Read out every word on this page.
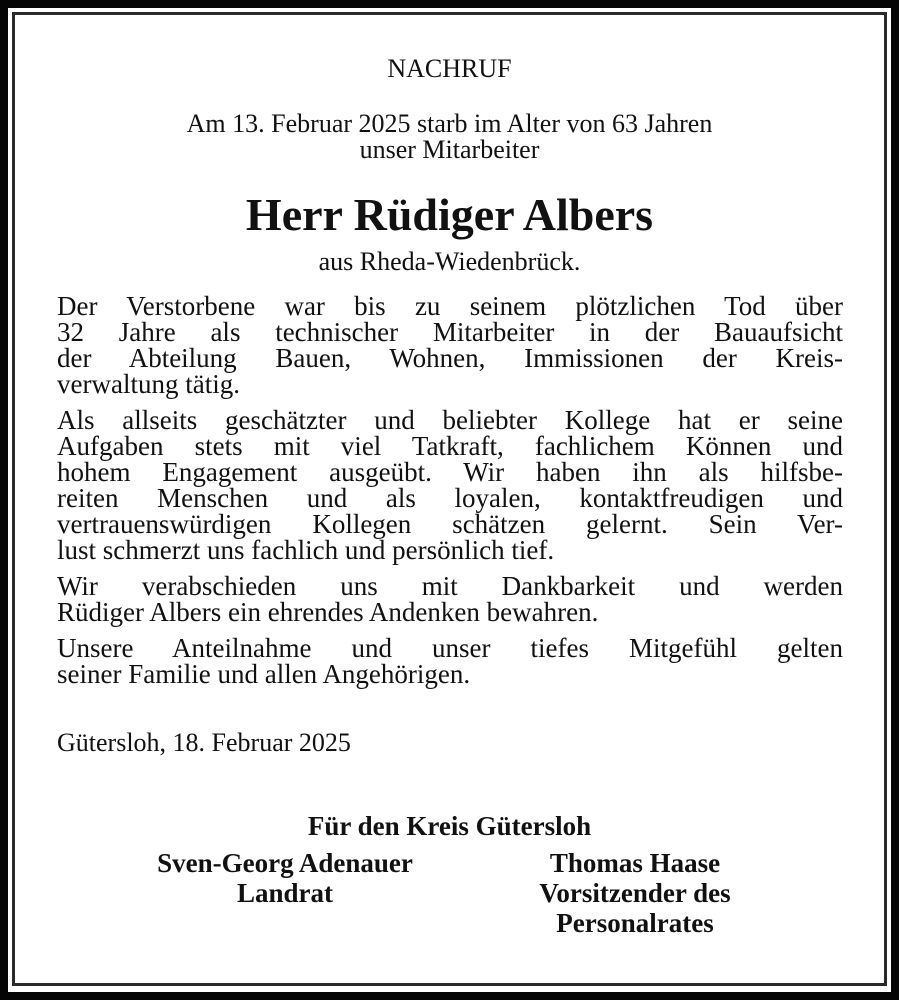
NACHRUF
Am 13. Februar 2025 starb im Alter von 63 Jahren
unser Mitarbeiter
Herr Rüdiger Albers
aus Rheda-Wiedenbrück.
Der Verstorbene war bis zu seinem plötzlichen Tod über
32 Jahre als technischer Mitarbeiter in der Bauaufsicht
der Abteilung Bauen, Wohnen, Immissionen der Kreis-
verwaltung tätig.
Als allseits geschätzter und beliebter Kollege hat er seine
Aufgaben stets mit viel Tatkraft, fachlichem Können und
hohem Engagement ausgeübt. Wir haben ihn als hilfsbe-
reiten Menschen und als loyalen, kontaktfreudigen und
vertrauenswürdigen Kollegen schätzen gelernt. Sein Ver-
lust schmerzt uns fachlich und persönlich tief.
Wir verabschieden uns mit Dankbarkeit und werden
Rüdiger Albers ein ehrendes Andenken bewahren.
Unsere Anteilnahme und unser tiefes Mitgefühl gelten
seiner Familie und allen Angehörigen.
Gütersloh, 18. Februar 2025
Für den Kreis Gütersloh
Sven-Georg Adenauer
Landrat
Thomas Haase
Vorsitzender des
Personalrates
